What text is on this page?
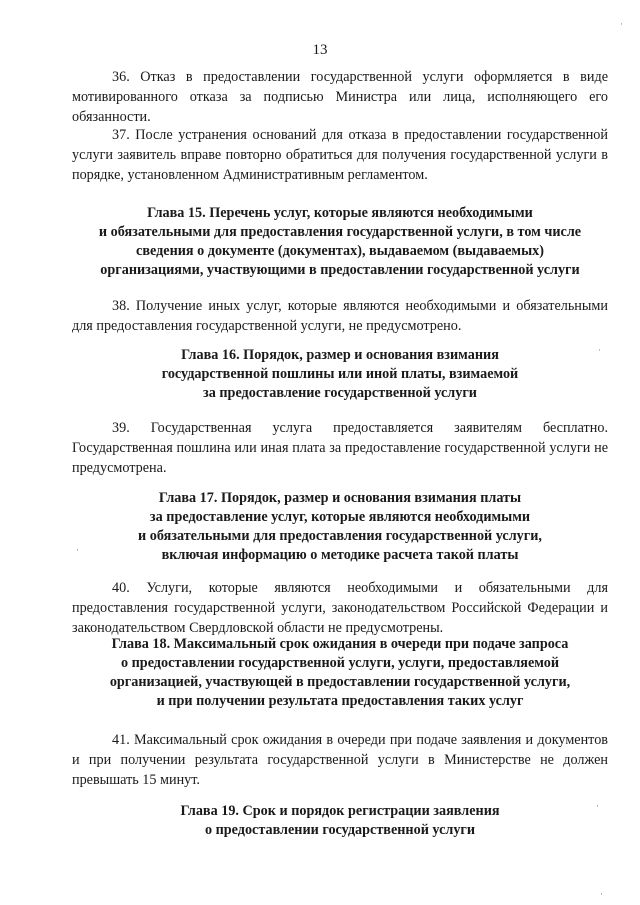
13

36. Отказ в предоставлении государственной услуги оформляется в виде мотивированного отказа за подписью Министра или лица, исполняющего его обязанности.

37. После устранения оснований для отказа в предоставлении государственной услуги заявитель вправе повторно обратиться для получения государственной услуги в порядке, установленном Административным регламентом.

Глава 15. Перечень услуг, которые являются необходимыми
и обязательными для предоставления государственной услуги, в том числе
сведения о документе (документах), выдаваемом (выдаваемых)
организациями, участвующими в предоставлении государственной услуги

38. Получение иных услуг, которые являются необходимыми и обязательными для предоставления государственной услуги, не предусмотрено.

Глава 16. Порядок, размер и основания взимания
государственной пошлины или иной платы, взимаемой
за предоставление государственной услуги

39. Государственная услуга предоставляется заявителям бесплатно. Государственная пошлина или иная плата за предоставление государственной услуги не предусмотрена.

Глава 17. Порядок, размер и основания взимания платы
за предоставление услуг, которые являются необходимыми
и обязательными для предоставления государственной услуги,
включая информацию о методике расчета такой платы

40. Услуги, которые являются необходимыми и обязательными для предоставления государственной услуги, законодательством Российской Федерации и законодательством Свердловской области не предусмотрены.

Глава 18. Максимальный срок ожидания в очереди при подаче запроса
о предоставлении государственной услуги, услуги, предоставляемой
организацией, участвующей в предоставлении государственной услуги,
и при получении результата предоставления таких услуг

41. Максимальный срок ожидания в очереди при подаче заявления и документов и при получении результата государственной услуги в Министерстве не должен превышать 15 минут.

Глава 19. Срок и порядок регистрации заявления
о предоставлении государственной услуги

·
·
·
·
·
